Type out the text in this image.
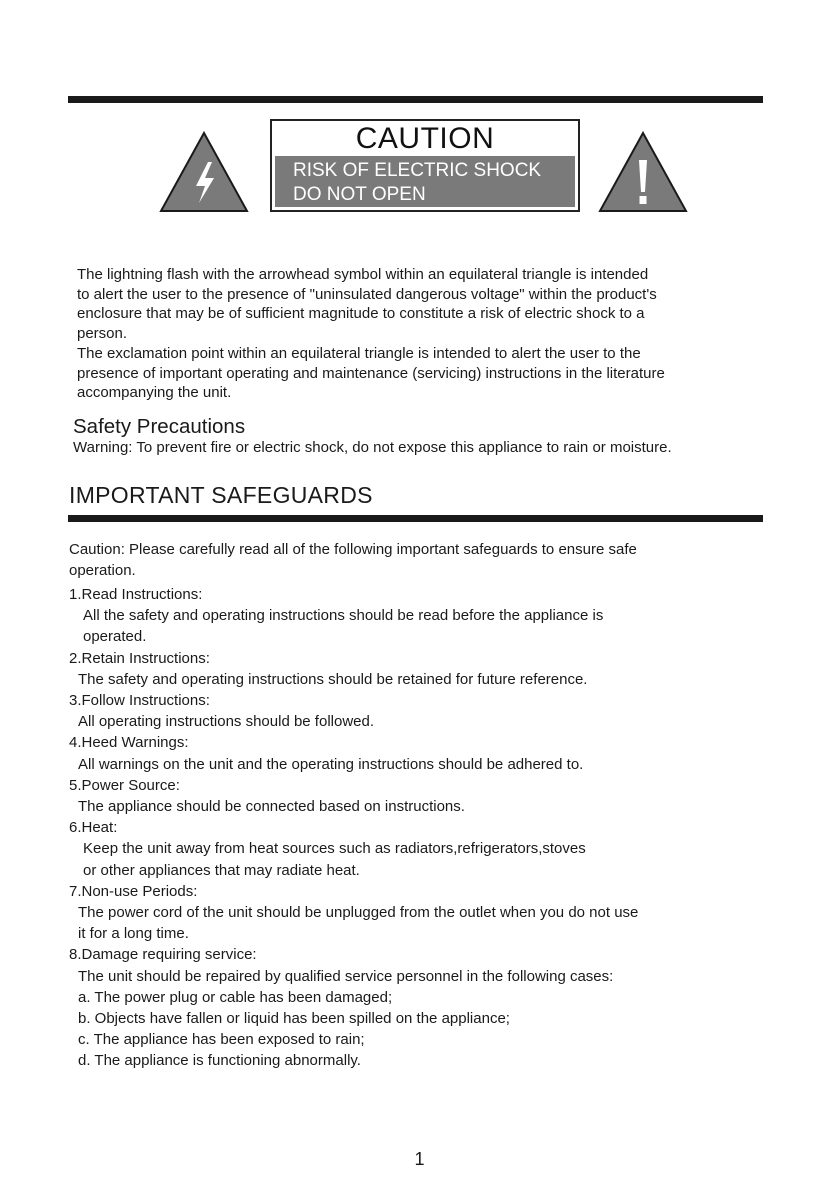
CAUTION
RISK OF ELECTRIC SHOCK
DO NOT OPEN
The lightning flash with the arrowhead symbol within an equilateral triangle is intended
to alert the user to the presence of "uninsulated dangerous voltage" within the product's
enclosure that may be of sufficient magnitude to constitute a risk of electric shock to a
person.
The exclamation point within an equilateral triangle is intended to alert the user to the
presence of important operating and maintenance (servicing) instructions in the literature
accompanying the unit.
Safety Precautions
Warning: To prevent fire or electric shock, do not expose this appliance to rain or moisture.
IMPORTANT SAFEGUARDS
Caution: Please carefully read all of the following important safeguards to ensure safe
operation.
1.Read Instructions:
All the safety and operating instructions should be read before the appliance is
operated.
2.Retain Instructions:
The safety and operating instructions should be retained for future reference.
3.Follow Instructions:
All operating instructions should be followed.
4.Heed Warnings:
All warnings on the unit and the operating instructions should be adhered to.
5.Power Source:
The appliance should be connected based on instructions.
6.Heat:
Keep the unit away from heat sources such as radiators,refrigerators,stoves
or other appliances that may radiate heat.
7.Non-use Periods:
The power cord of the unit should be unplugged from the outlet when you do not use
it for a long time.
8.Damage requiring service:
The unit should be repaired by qualified service personnel in the following cases:
a. The power plug or cable has been damaged;
b. Objects have fallen or liquid has been spilled on the appliance;
c. The appliance has been exposed to rain;
d. The appliance is functioning abnormally.
1
